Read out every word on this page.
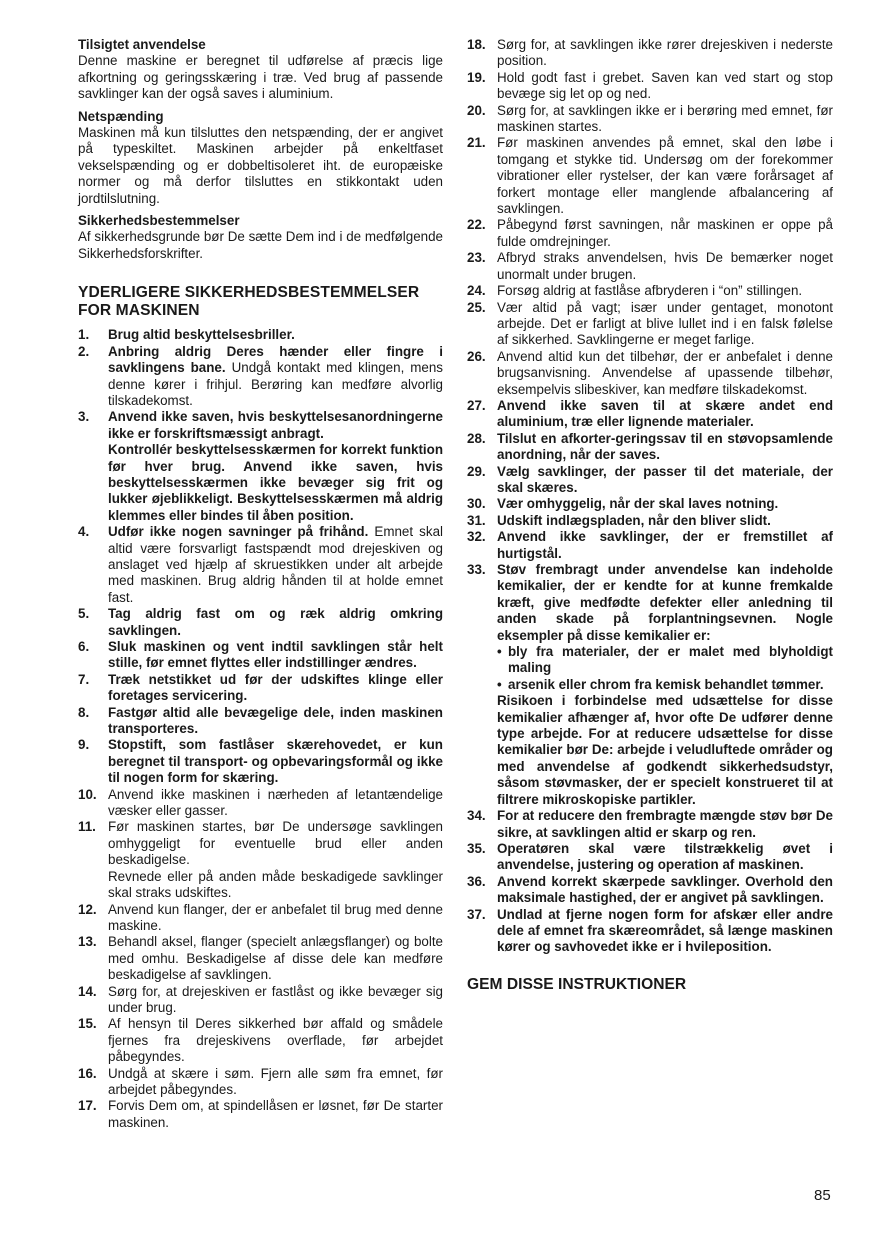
Tilsigtet anvendelse
Denne maskine er beregnet til udførelse af præcis lige afkortning og geringsskæring i træ. Ved brug af passende savklinger kan der også saves i aluminium.
Netspænding
Maskinen må kun tilsluttes den netspænding, der er angivet på typeskiltet. Maskinen arbejder på enkeltfaset vekselspænding og er dobbeltisoleret iht. de europæiske normer og må derfor tilsluttes en stikkontakt uden jordtilslutning.
Sikkerhedsbestemmelser
Af sikkerhedsgrunde bør De sætte Dem ind i de medfølgende Sikkerhedsforskrifter.
YDERLIGERE SIKKERHEDSBESTEMMELSER FOR MASKINEN
1.	Brug altid beskyttelsesbriller.
2.	Anbring aldrig Deres hænder eller fingre i savklingens bane. Undgå kontakt med klingen, mens denne kører i frihjul. Berøring kan medføre alvorlig tilskadekomst.
3.	Anvend ikke saven, hvis beskyttelsesanordningerne ikke er forskriftsmæssigt anbragt.
Kontrollér beskyttelsesskærmen for korrekt funktion før hver brug. Anvend ikke saven, hvis beskyttelsesskærmen ikke bevæger sig frit og lukker øjeblikkeligt. Beskyttelsesskærmen må aldrig klemmes eller bindes til åben position.
4.	Udfør ikke nogen savninger på frihånd. Emnet skal altid være forsvarligt fastspændt mod drejeskiven og anslaget ved hjælp af skruestikken under alt arbejde med maskinen. Brug aldrig hånden til at holde emnet fast.
5.	Tag aldrig fast om og ræk aldrig omkring savklingen.
6.	Sluk maskinen og vent indtil savklingen står helt stille, før emnet flyttes eller indstillinger ændres.
7.	Træk netstikket ud før der udskiftes klinge eller foretages servicering.
8.	Fastgør altid alle bevægelige dele, inden maskinen transporteres.
9.	Stopstift, som fastlåser skærehovedet, er kun beregnet til transport- og opbevaringsformål og ikke til nogen form for skæring.
10. Anvend ikke maskinen i nærheden af letantændelige væsker eller gasser.
11. Før maskinen startes, bør De undersøge savklingen omhyggeligt for eventuelle brud eller anden beskadigelse.
Revnede eller på anden måde beskadigede savklinger skal straks udskiftes.
12. Anvend kun flanger, der er anbefalet til brug med denne maskine.
13. Behandl aksel, flanger (specielt anlægsflanger) og bolte med omhu. Beskadigelse af disse dele kan medføre beskadigelse af savklingen.
14. Sørg for, at drejeskiven er fastlåst og ikke bevæger sig under brug.
15. Af hensyn til Deres sikkerhed bør affald og smådele fjernes fra drejeskivens overflade, før arbejdet påbegyndes.
16. Undgå at skære i søm. Fjern alle søm fra emnet, før arbejdet påbegyndes.
17. Forvis Dem om, at spindellåsen er løsnet, før De starter maskinen.
18. Sørg for, at savklingen ikke rører drejeskiven i nederste position.
19. Hold godt fast i grebet. Saven kan ved start og stop bevæge sig let op og ned.
20. Sørg for, at savklingen ikke er i berøring med emnet, før maskinen startes.
21. Før maskinen anvendes på emnet, skal den løbe i tomgang et stykke tid. Undersøg om der forekommer vibrationer eller rystelser, der kan være forårsaget af forkert montage eller manglende afbalancering af savklingen.
22. Påbegynd først savningen, når maskinen er oppe på fulde omdrejninger.
23. Afbryd straks anvendelsen, hvis De bemærker noget unormalt under brugen.
24. Forsøg aldrig at fastlåse afbryderen i “on” stillingen.
25. Vær altid på vagt; især under gentaget, monotont arbejde. Det er farligt at blive lullet ind i en falsk følelse af sikkerhed. Savklingerne er meget farlige.
26. Anvend altid kun det tilbehør, der er anbefalet i denne brugsanvisning. Anvendelse af upassende tilbehør, eksempelvis slibeskiver, kan medføre tilskadekomst.
27. Anvend ikke saven til at skære andet end aluminium, træ eller lignende materialer.
28. Tilslut en afkorter-geringssav til en støvopsamlende anordning, når der saves.
29. Vælg savklinger, der passer til det materiale, der skal skæres.
30. Vær omhyggelig, når der skal laves notning.
31. Udskift indlægspladen, når den bliver slidt.
32. Anvend ikke savklinger, der er fremstillet af hurtigstål.
33. Støv frembragt under anvendelse kan indeholde kemikalier, der er kendte for at kunne fremkalde kræft, give medfødte defekter eller anledning til anden skade på forplantningsevnen. Nogle eksempler på disse kemikalier er:
• bly fra materialer, der er malet med blyholdigt maling
• arsenik eller chrom fra kemisk behandlet tømmer.
Risikoen i forbindelse med udsættelse for disse kemikalier afhænger af, hvor ofte De udfører denne type arbejde. For at reducere udsættelse for disse kemikalier bør De: arbejde i veludluftede områder og med anvendelse af godkendt sikkerhedsudstyr, såsom støvmasker, der er specielt konstrueret til at filtrere mikroskopiske partikler.
34. For at reducere den frembragte mængde støv bør De sikre, at savklingen altid er skarp og ren.
35. Operatøren skal være tilstrækkelig øvet i anvendelse, justering og operation af maskinen.
36. Anvend korrekt skærpede savklinger. Overhold den maksimale hastighed, der er angivet på savklingen.
37. Undlad at fjerne nogen form for afskær eller andre dele af emnet fra skæreområdet, så længe maskinen kører og savhovedet ikke er i hvileposition.
GEM DISSE INSTRUKTIONER
85
